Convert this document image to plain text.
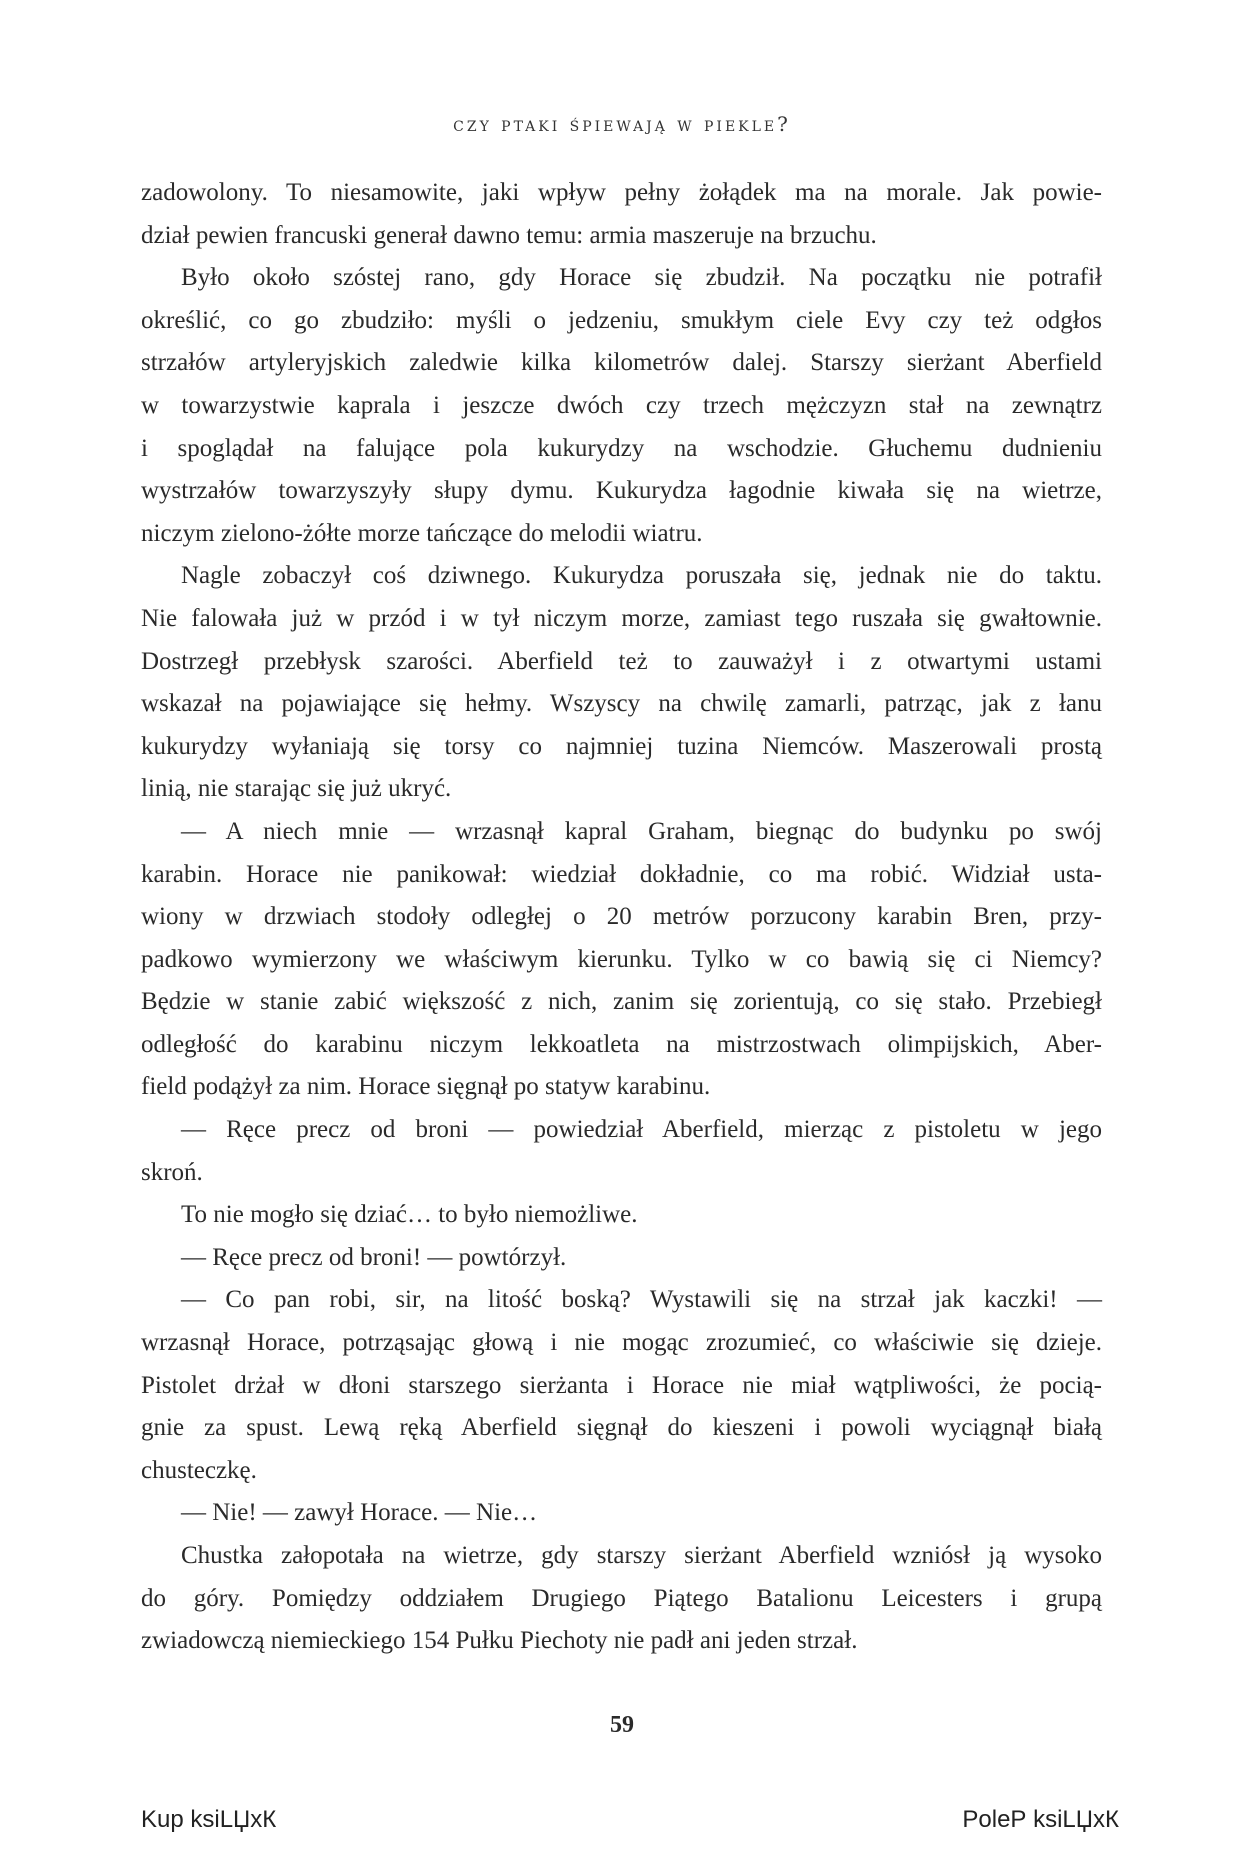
czy ptaki śpiewają w piekle?

zadowolony. To niesamowite, jaki wpływ pełny żołądek ma na morale. Jak powie-

dział pewien francuski generał dawno temu: armia maszeruje na brzuchu.

Było około szóstej rano, gdy Horace się zbudził. Na początku nie potrafił

określić, co go zbudziło: myśli o jedzeniu, smukłym ciele Evy czy też odgłos

strzałów artyleryjskich zaledwie kilka kilometrów dalej. Starszy sierżant Aberfield

w towarzystwie kaprala i jeszcze dwóch czy trzech mężczyzn stał na zewnątrz

i spoglądał na falujące pola kukurydzy na wschodzie. Głuchemu dudnieniu

wystrzałów towarzyszyły słupy dymu. Kukurydza łagodnie kiwała się na wietrze,

niczym zielono-żółte morze tańczące do melodii wiatru.

Nagle zobaczył coś dziwnego. Kukurydza poruszała się, jednak nie do taktu.

Nie falowała już w przód i w tył niczym morze, zamiast tego ruszała się gwałtownie.

Dostrzegł przebłysk szarości. Aberfield też to zauważył i z otwartymi ustami

wskazał na pojawiające się hełmy. Wszyscy na chwilę zamarli, patrząc, jak z łanu

kukurydzy wyłaniają się torsy co najmniej tuzina Niemców. Maszerowali prostą

linią, nie starając się już ukryć.

— A niech mnie — wrzasnął kapral Graham, biegnąc do budynku po swój

karabin. Horace nie panikował: wiedział dokładnie, co ma robić. Widział usta-

wiony w drzwiach stodoły odległej o 20 metrów porzucony karabin Bren, przy-

padkowo wymierzony we właściwym kierunku. Tylko w co bawią się ci Niemcy?

Będzie w stanie zabić większość z nich, zanim się zorientują, co się stało. Przebiegł

odległość do karabinu niczym lekkoatleta na mistrzostwach olimpijskich, Aber-

field podążył za nim. Horace sięgnął po statyw karabinu.

— Ręce precz od broni — powiedział Aberfield, mierząc z pistoletu w jego

skroń.

To nie mogło się dziać… to było niemożliwe.

— Ręce precz od broni! — powtórzył.

— Co pan robi, sir, na litość boską? Wystawili się na strzał jak kaczki! —

wrzasnął Horace, potrząsając głową i nie mogąc zrozumieć, co właściwie się dzieje.

Pistolet drżał w dłoni starszego sierżanta i Horace nie miał wątpliwości, że pocią-

gnie za spust. Lewą ręką Aberfield sięgnął do kieszeni i powoli wyciągnął białą

chusteczkę.

— Nie! — zawył Horace. — Nie…

Chustka załopotała na wietrze, gdy starszy sierżant Aberfield wzniósł ją wysoko

do góry. Pomiędzy oddziałem Drugiego Piątego Batalionu Leicesters i grupą

zwiadowczą niemieckiego 154 Pułku Piechoty nie padł ani jeden strzał.

59
Kup ksiLЏxК	PoleР ksiLЏxК
